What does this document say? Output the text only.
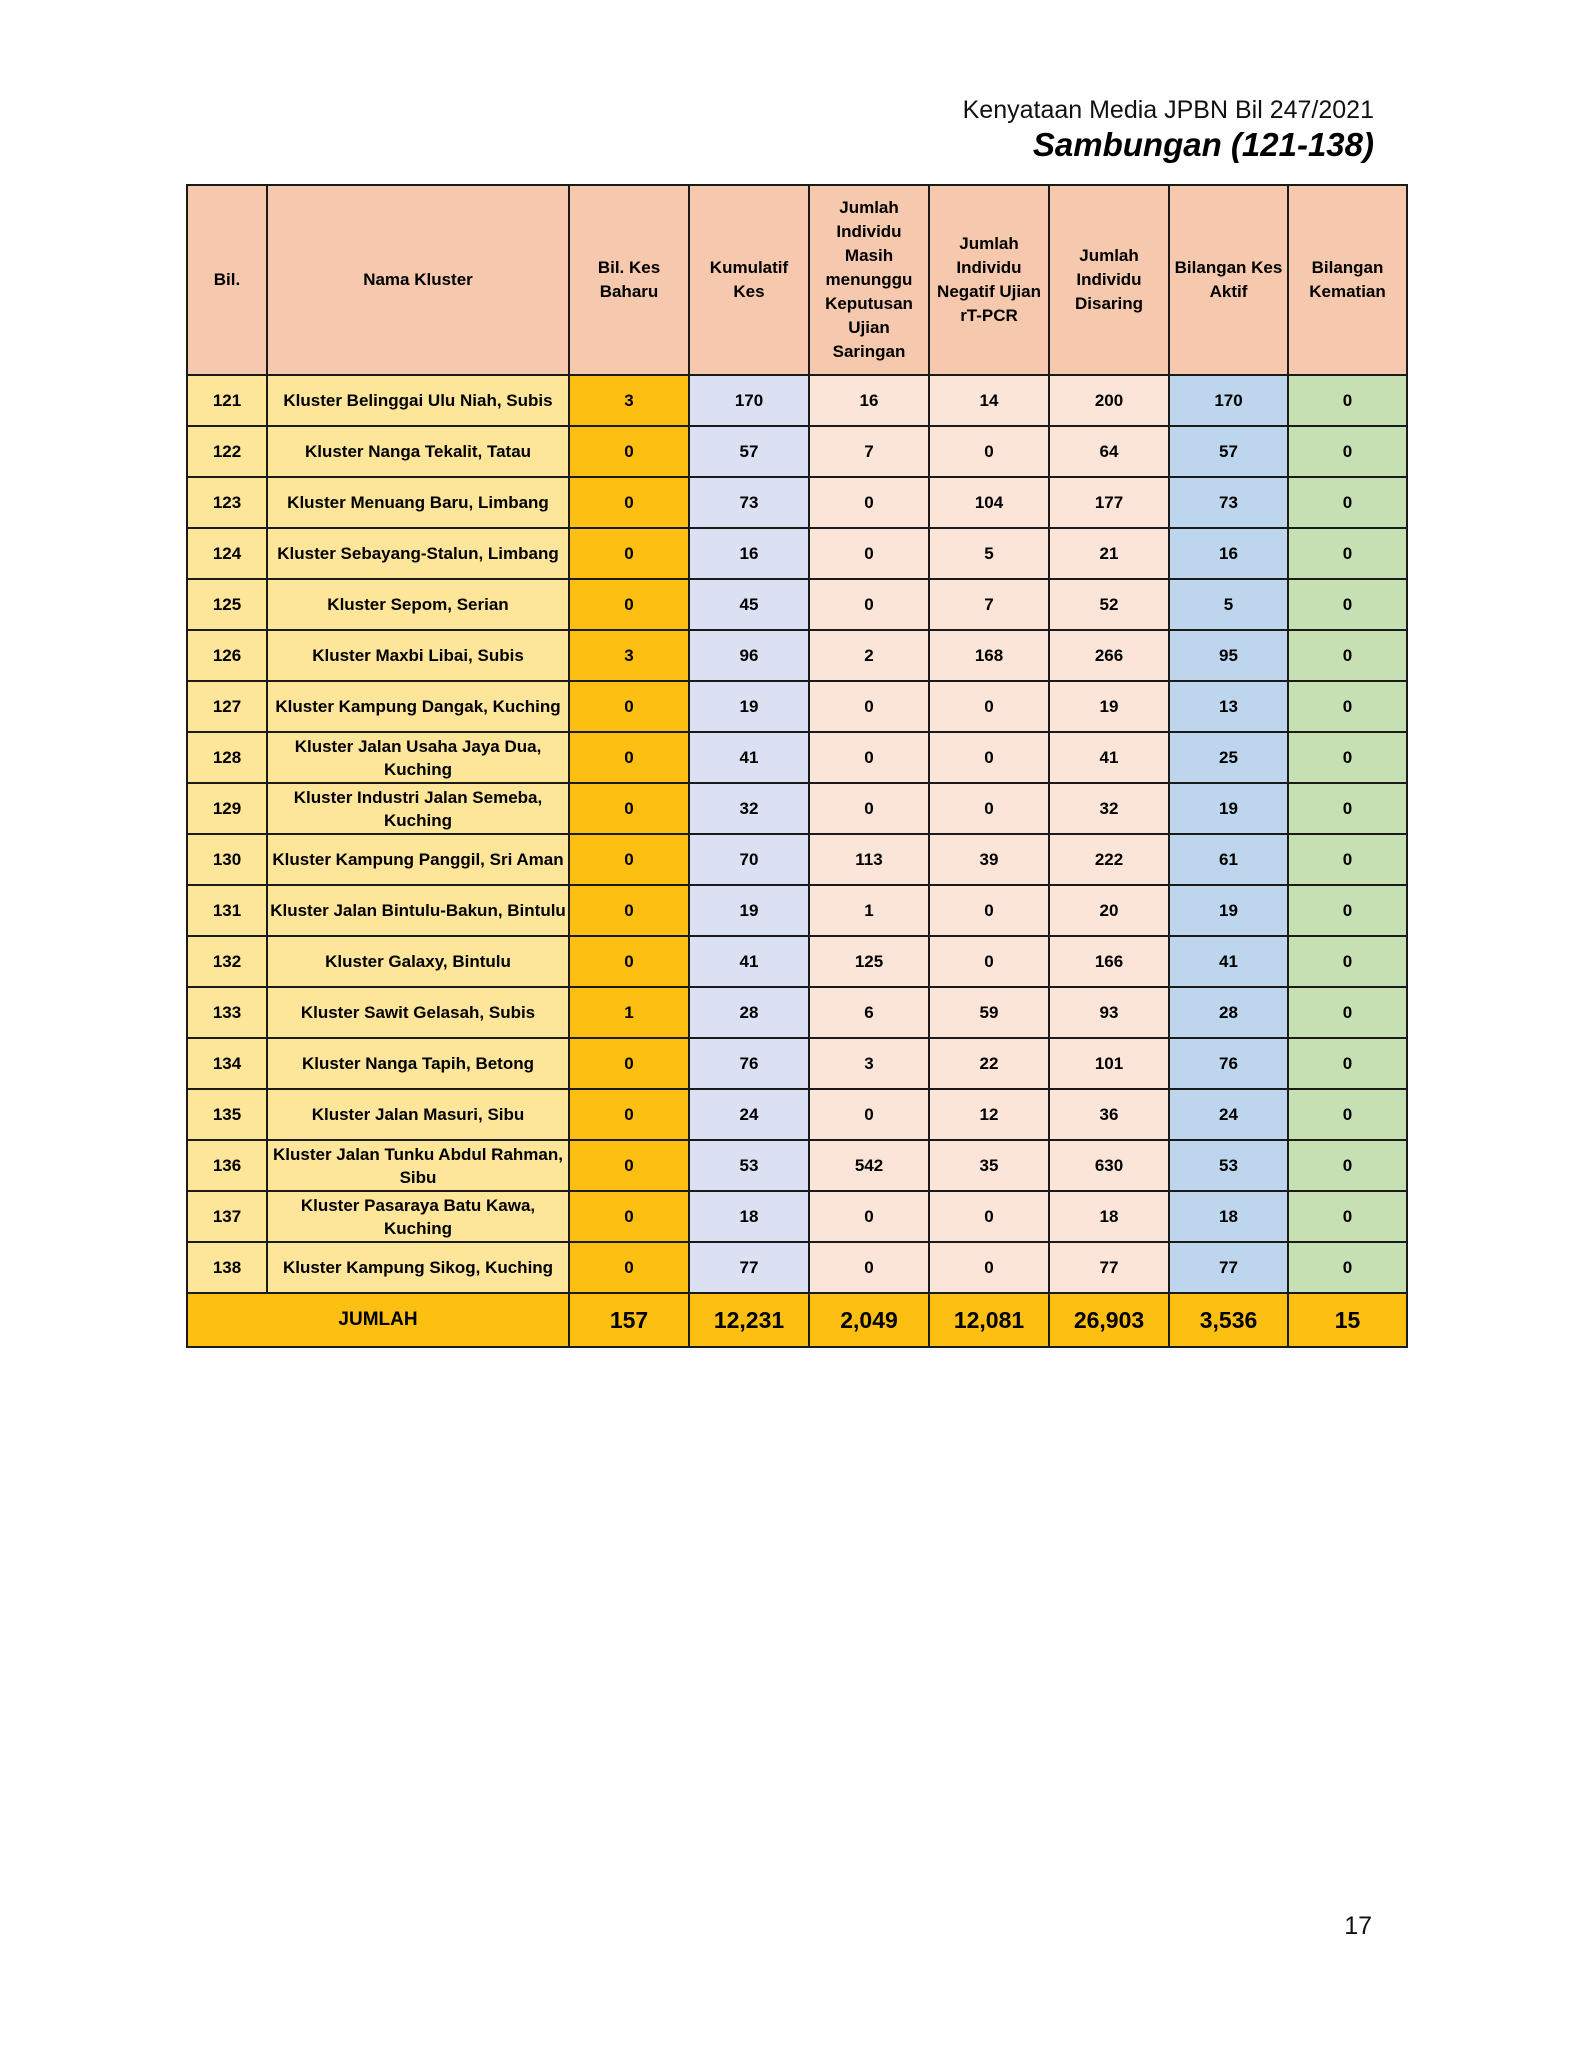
Kenyataan Media JPBN Bil 247/2021
Sambungan (121-138)
Bil.	Nama Kluster	Bil. Kes Baharu	Kumulatif Kes	Jumlah Individu Masih menunggu Keputusan Ujian Saringan	Jumlah Individu Negatif Ujian rT-PCR	Jumlah Individu Disaring	Bilangan Kes Aktif	Bilangan Kematian
121	Kluster Belinggai Ulu Niah, Subis	3	170	16	14	200	170	0
122	Kluster Nanga Tekalit, Tatau	0	57	7	0	64	57	0
123	Kluster Menuang Baru, Limbang	0	73	0	104	177	73	0
124	Kluster Sebayang-Stalun, Limbang	0	16	0	5	21	16	0
125	Kluster Sepom, Serian	0	45	0	7	52	5	0
126	Kluster Maxbi Libai, Subis	3	96	2	168	266	95	0
127	Kluster Kampung Dangak, Kuching	0	19	0	0	19	13	0
128	Kluster Jalan Usaha Jaya Dua, Kuching	0	41	0	0	41	25	0
129	Kluster Industri Jalan Semeba, Kuching	0	32	0	0	32	19	0
130	Kluster Kampung Panggil, Sri Aman	0	70	113	39	222	61	0
131	Kluster Jalan Bintulu-Bakun, Bintulu	0	19	1	0	20	19	0
132	Kluster Galaxy, Bintulu	0	41	125	0	166	41	0
133	Kluster Sawit Gelasah, Subis	1	28	6	59	93	28	0
134	Kluster Nanga Tapih, Betong	0	76	3	22	101	76	0
135	Kluster Jalan Masuri, Sibu	0	24	0	12	36	24	0
136	Kluster Jalan Tunku Abdul Rahman, Sibu	0	53	542	35	630	53	0
137	Kluster Pasaraya Batu Kawa, Kuching	0	18	0	0	18	18	0
138	Kluster Kampung Sikog, Kuching	0	77	0	0	77	77	0
JUMLAH		157	12,231	2,049	12,081	26,903	3,536	15
17
